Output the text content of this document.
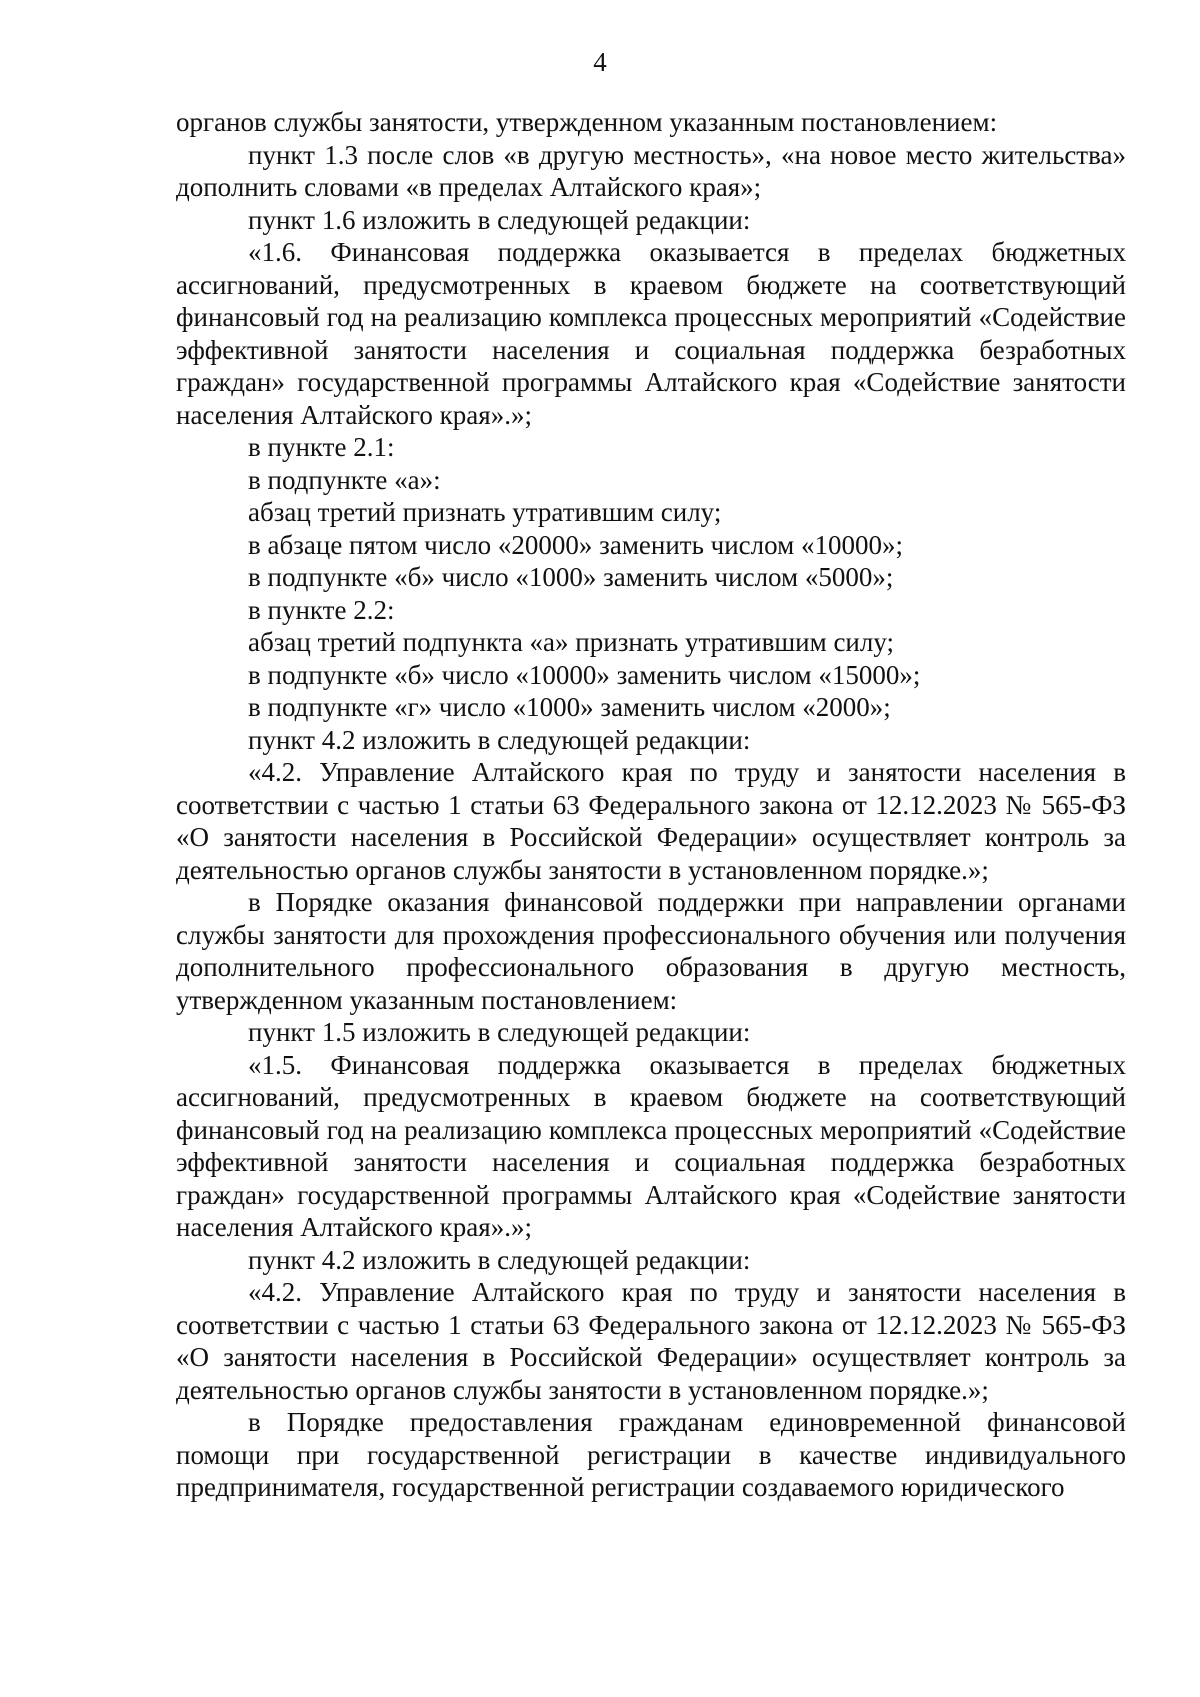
4

органов службы занятости, утвержденном указанным постановлением:

пункт 1.3 после слов «в другую местность», «на новое место жительства» дополнить словами «в пределах Алтайского края»;

пункт 1.6 изложить в следующей редакции:

«1.6. Финансовая поддержка оказывается в пределах бюджетных ассигнований, предусмотренных в краевом бюджете на соответствующий финансовый год на реализацию комплекса процессных мероприятий «Содействие эффективной занятости населения и социальная поддержка безработных граждан» государственной программы Алтайского края «Содействие занятости населения Алтайского края».»;

в пункте 2.1:

в подпункте «а»:

абзац третий признать утратившим силу;

в абзаце пятом число «20000» заменить числом «10000»;

в подпункте «б» число «1000» заменить числом «5000»;

в пункте 2.2:

абзац третий подпункта «а» признать утратившим силу;

в подпункте «б» число «10000» заменить числом «15000»;

в подпункте «г» число «1000» заменить числом «2000»;

пункт 4.2 изложить в следующей редакции:

«4.2. Управление Алтайского края по труду и занятости населения в соответствии с частью 1 статьи 63 Федерального закона от 12.12.2023 № 565-ФЗ «О занятости населения в Российской Федерации» осуществляет контроль за деятельностью органов службы занятости в установленном порядке.»;

в Порядке оказания финансовой поддержки при направлении органами службы занятости для прохождения профессионального обучения или получения дополнительного профессионального образования в другую местность, утвержденном указанным постановлением:

пункт 1.5 изложить в следующей редакции:

«1.5. Финансовая поддержка оказывается в пределах бюджетных ассигнований, предусмотренных в краевом бюджете на соответствующий финансовый год на реализацию комплекса процессных мероприятий «Содействие эффективной занятости населения и социальная поддержка безработных граждан» государственной программы Алтайского края «Содействие занятости населения Алтайского края».»;

пункт 4.2 изложить в следующей редакции:

«4.2. Управление Алтайского края по труду и занятости населения в соответствии с частью 1 статьи 63 Федерального закона от 12.12.2023 № 565-ФЗ «О занятости населения в Российской Федерации» осуществляет контроль за деятельностью органов службы занятости в установленном порядке.»;

в Порядке предоставления гражданам единовременной финансовой помощи при государственной регистрации в качестве индивидуального предпринимателя, государственной регистрации создаваемого юридического
